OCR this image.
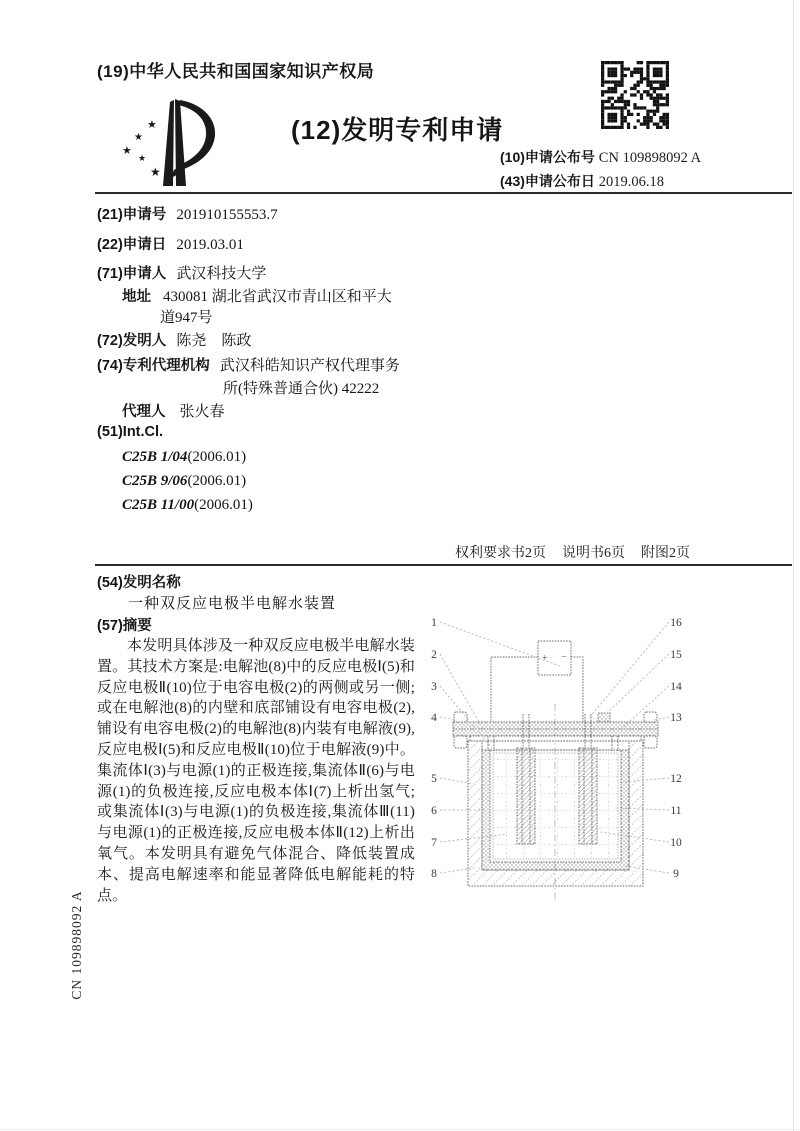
(19)中华人民共和国国家知识产权局
★
★
★
★
★
(12)发明专利申请
(10)申请公布号 CN 109898092 A
(43)申请公布日 2019.06.18
(21)申请号 201910155553.7
(22)申请日 2019.03.01
(71)申请人 武汉科技大学
地址 430081 湖北省武汉市青山区和平大
道947号
(72)发明人 陈尧　陈政
(74)专利代理机构 武汉科皓知识产权代理事务
所(特殊普通合伙) 42222
代理人 张火春
(51)Int.Cl.
C25B 1/04(2006.01)
C25B 9/06(2006.01)
C25B 11/00(2006.01)
权利要求书2页 说明书6页 附图2页
(54)发明名称
一种双反应电极半电解水装置
(57)摘要
本发明具体涉及一种双反应电极半电解水装置。其技术方案是:电解池(8)中的反应电极Ⅰ(5)和反应电极Ⅱ(10)位于电容电极(2)的两侧或另一侧;或在电解池(8)的内壁和底部铺设有电容电极(2),铺设有电容电极(2)的电解池(8)内装有电解液(9),反应电极Ⅰ(5)和反应电极Ⅱ(10)位于电解液(9)中。集流体Ⅰ(3)与电源(1)的正极连接,集流体Ⅱ(6)与电源(1)的负极连接,反应电极本体Ⅰ(7)上析出氢气;或集流体Ⅰ(3)与电源(1)的负极连接,集流体Ⅲ(11)与电源(1)的正极连接,反应电极本体Ⅱ(12)上析出氧气。本发明具有避免气体混合、降低装置成本、提高电解速率和能显著降低电解能耗的特点。
+ −
1
2
3
4
5
6
7
8
16
15
14
13
12
11
10
9
CN 109898092 A
